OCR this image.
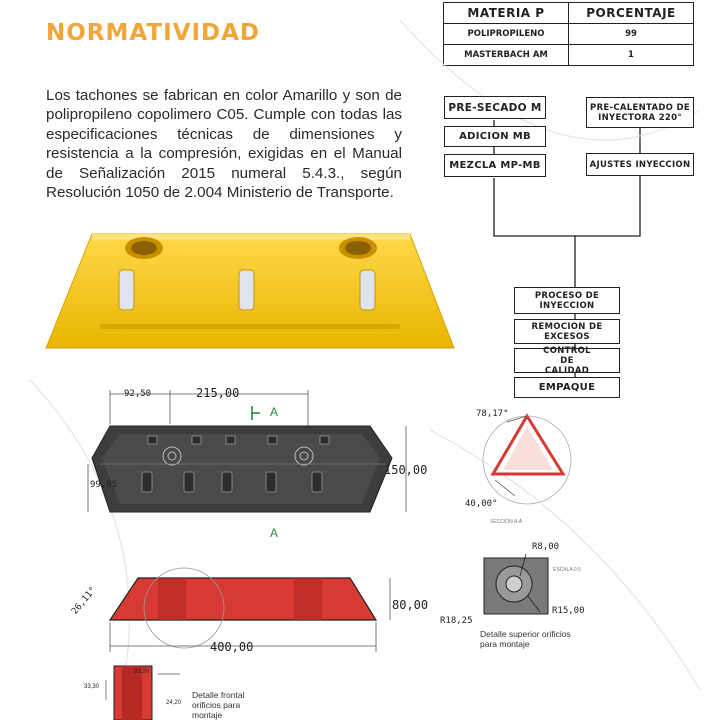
NORMATIVIDAD
Los tachones se fabrican en color Amarillo y son de polipropileno copolimero C05. Cumple con todas las especificaciones técnicas de dimensiones y resistencia a la compresión, exigidas en el Manual de Señalización 2015 numeral 5.4.3., según Resolución 1050 de 2.004 Ministerio de Transporte.
MATERIA P	PORCENTAJE
POLIPROPILENO	99
MASTERBACH AM	1
PRE-SECADO M
ADICION MB
MEZCLA MP-MB
PRE-CALENTADO DE INYECTORA 220°
AJUSTES INYECCION
PROCESO DE INYECCION
REMOCION DE EXCESOS
CONTROL DE CALIDAD
EMPAQUE
92,50	215,00
99,05
150,00
A
A
26,11°	80,00
400,00
20,20
33,30
24,20
Detalle frontal orificios para montaje
78,17°
40,00°
SECCION A-A
R8,00
R15,00
R18,25
ESCALA 0.5
Detalle superior orificios para montaje
